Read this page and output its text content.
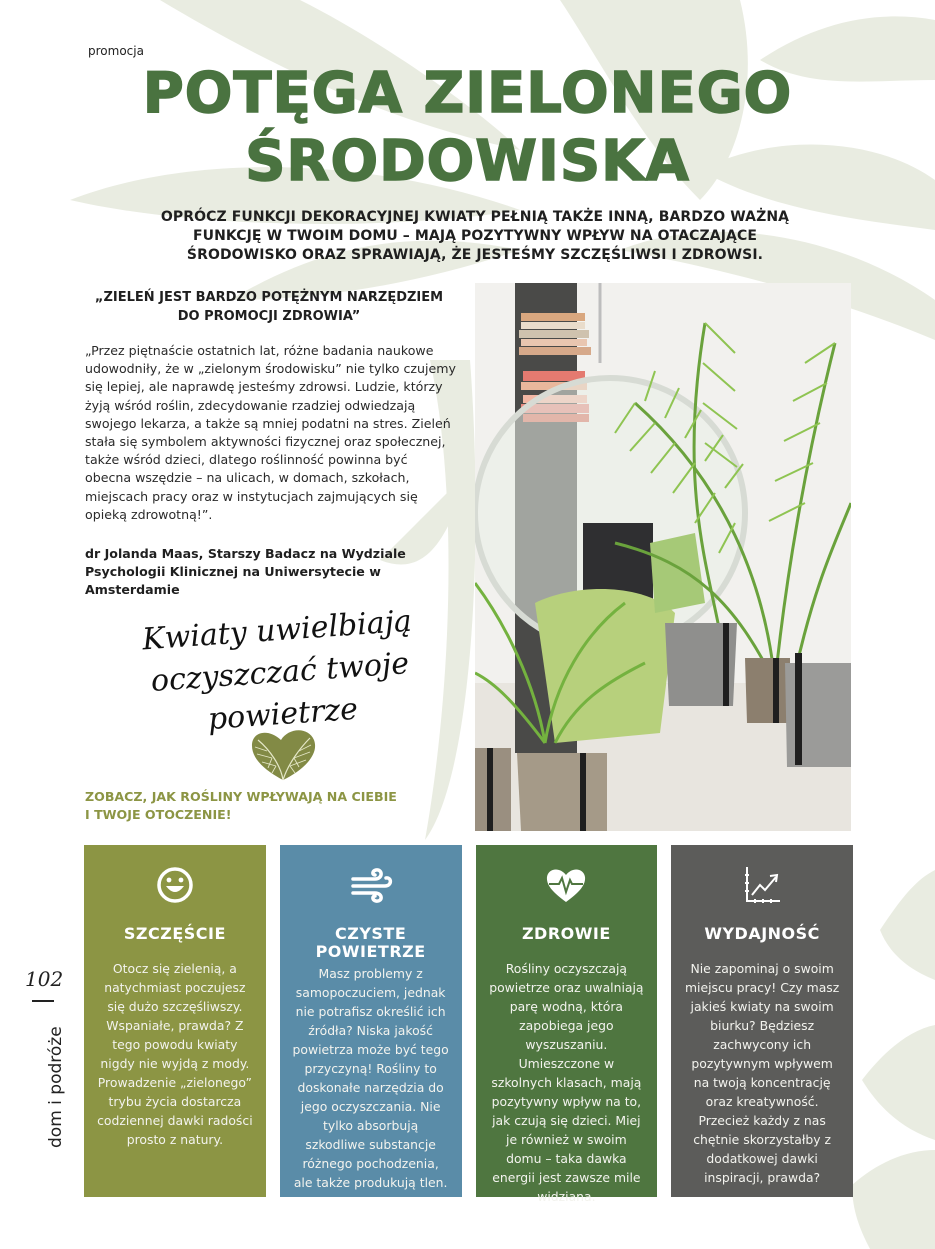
promocja
POTĘGA ZIELONEGO
ŚRODOWISKA
OPRÓCZ FUNKCJI DEKORACYJNEJ KWIATY PEŁNIĄ TAKŻE INNĄ, BARDZO WAŻNĄ
FUNKCJĘ W TWOIM DOMU – MAJĄ POZYTYWNY WPŁYW NA OTACZAJĄCE
ŚRODOWISKO ORAZ SPRAWIAJĄ, ŻE JESTEŚMY SZCZĘŚLIWSI I ZDROWSI.
„ZIELEŃ JEST BARDZO POTĘŻNYM NARZĘDZIEM
DO PROMOCJI ZDROWIA”

„Przez piętnaście ostatnich lat, różne badania naukowe udowodniły, że w „zielonym środowisku” nie tylko czujemy się lepiej, ale naprawdę jesteśmy zdrowsi. Ludzie, którzy żyją wśród roślin, zdecydowanie rzadziej odwiedzają swojego lekarza, a także są mniej podatni na stres. Zieleń stała się symbolem aktywności fizycznej oraz społecznej, także wśród dzieci, dlatego roślinność powinna być obecna wszędzie – na ulicach, w domach, szkołach, miejscach pracy oraz w instytucjach zajmujących się opieką zdrowotną!”.

dr Jolanda Maas, Starszy Badacz na Wydziale Psychologii Klinicznej na Uniwersytecie w Amsterdamie

Kwiaty uwielbiają
oczyszczać twoje powietrze
ZOBACZ, JAK ROŚLINY WPŁYWAJĄ NA CIEBIE
I TWOJE OTOCZENIE!
SZCZĘŚCIE
Otocz się zielenią, a natychmiast poczujesz się dużo szczęśliwszy. Wspaniałe, prawda? Z tego powodu kwiaty nigdy nie wyjdą z mody. Prowadzenie „zielonego” trybu życia dostarcza codziennej dawki radości prosto z natury.
CZYSTE POWIETRZE
Masz problemy z samopoczuciem, jednak nie potrafisz określić ich źródła? Niska jakość powietrza może być tego przyczyną! Rośliny to doskonałe narzędzia do jego oczyszczania. Nie tylko absorbują szkodliwe substancje różnego pochodzenia, ale także produkują tlen.
ZDROWIE
Rośliny oczyszczają powietrze oraz uwalniają parę wodną, która zapobiega jego wyszuszaniu. Umieszczone w szkolnych klasach, mają pozytywny wpływ na to, jak czują się dzieci. Miej je również w swoim domu – taka dawka energii jest zawsze mile widziana.
WYDAJNOŚĆ
Nie zapominaj o swoim miejscu pracy! Czy masz jakieś kwiaty na swoim biurku? Będziesz zachwycony ich pozytywnym wpływem na twoją koncentrację oraz kreatywność. Przecież każdy z nas chętnie skorzystałby z dodatkowej dawki inspiracji, prawda?
102
dom i podróże
